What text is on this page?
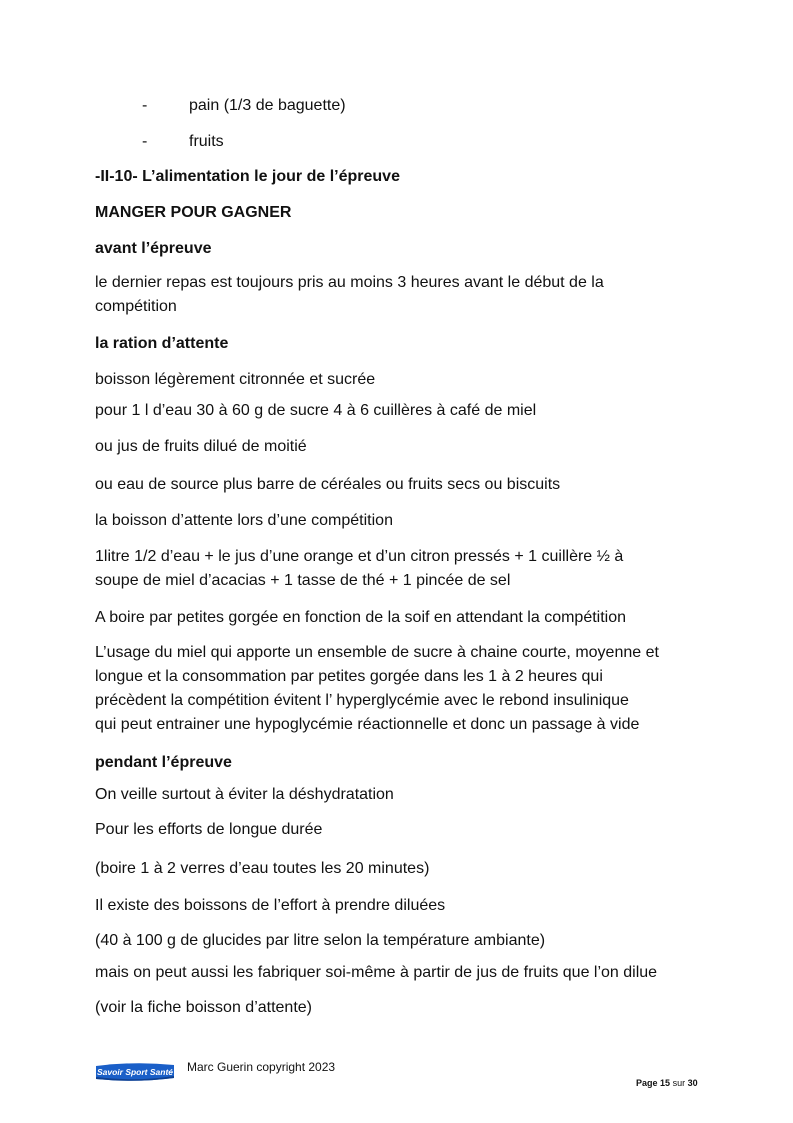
-	pain (1/3 de baguette)
-	fruits
-II-10- L’alimentation le jour de l’épreuve
MANGER POUR GAGNER
avant l’épreuve
le dernier repas est toujours pris au moins 3 heures avant le début de la
compétition
la ration d’attente
boisson légèrement citronnée et sucrée
pour 1 l d’eau 30 à 60 g de sucre 4 à 6 cuillères à café de miel
ou jus de fruits dilué de moitié
ou eau de source plus barre de céréales ou fruits secs ou biscuits
la boisson d’attente lors d’une compétition
1litre 1/2 d’eau + le jus d’une orange et d’un citron pressés + 1 cuillère ½ à
soupe de miel d’acacias + 1 tasse de thé + 1 pincée de sel
A boire par petites gorgée en fonction de la soif en attendant la compétition
L’usage du miel qui apporte un ensemble de sucre à chaine courte, moyenne et
longue et la consommation par petites gorgée dans les 1 à 2 heures qui
précèdent la compétition évitent l’ hyperglycémie avec le rebond insulinique
qui peut entrainer une hypoglycémie réactionnelle et donc un passage à vide
pendant l’épreuve
On veille surtout à éviter la déshydratation
Pour les efforts de longue durée
(boire 1 à 2 verres d’eau toutes les 20 minutes)
Il existe des boissons de l’effort à prendre diluées
(40 à 100 g de glucides par litre selon la température ambiante)
mais on peut aussi les fabriquer soi-même à partir de jus de fruits que l’on dilue
(voir la fiche boisson d’attente)
Savoir Sport Santé Marc Guerin copyright 2023
Page 15 sur 30
